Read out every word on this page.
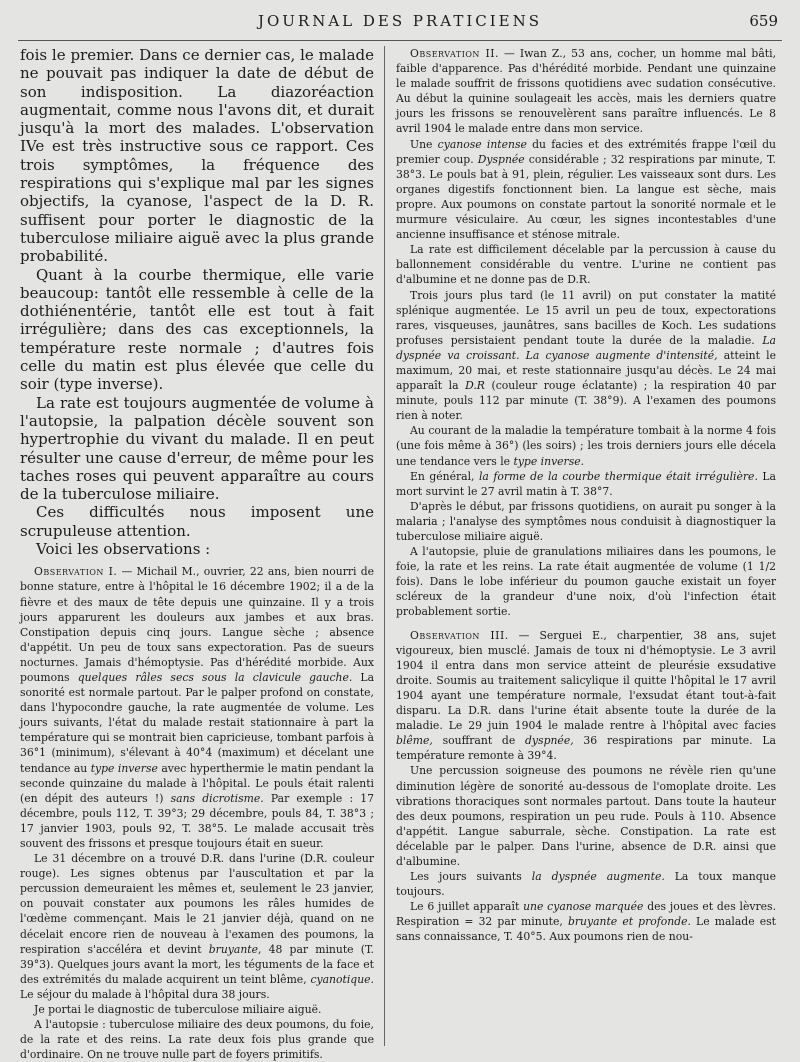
JOURNAL DES PRATICIENS	659

fois le premier. Dans ce dernier cas, le malade ne pouvait pas indiquer la date de début de son indisposition. La diazoréaction augmentait, comme nous l'avons dit, et durait jusqu'à la mort des malades. L'observation IVe est très instructive sous ce rapport. Ces trois symptômes, la fréquence des respirations qui s'explique mal par les signes objectifs, la cyanose, l'aspect de la D. R. suffisent pour porter le diagnostic de la tuberculose miliaire aiguë avec la plus grande probabilité.

Quant à la courbe thermique, elle varie beaucoup: tantôt elle ressemble à celle de la dothiénentérie, tantôt elle est tout à fait irrégulière; dans des cas exceptionnels, la température reste normale ; d'autres fois celle du matin est plus élevée que celle du soir (type inverse).

La rate est toujours augmentée de volume à l'autopsie, la palpation décèle souvent son hypertrophie du vivant du malade. Il en peut résulter une cause d'erreur, de même pour les taches roses qui peuvent apparaître au cours de la tuberculose miliaire.

Ces difficultés nous imposent une scrupuleuse attention.

Voici les observations :

Observation I. — Michail M., ouvrier, 22 ans, bien nourri de bonne stature, entre à l'hôpital le 16 décembre 1902; il a de la fièvre et des maux de tête depuis une quinzaine. Il y a trois jours apparurent les douleurs aux jambes et aux bras. Constipation depuis cinq jours. Langue sèche ; absence d'appétit. Un peu de toux sans expectoration. Pas de sueurs nocturnes. Jamais d'hémoptysie. Pas d'hérédité morbide. Aux poumons quelques râles secs sous la clavicule gauche. La sonorité est normale partout. Par le palper profond on constate, dans l'hypocondre gauche, la rate augmentée de volume. Les jours suivants, l'état du malade restait stationnaire à part la température qui se montrait bien capricieuse, tombant parfois à 36°1 (minimum), s'élevant à 40°4 (maximum) et décelant une tendance au type inverse avec hyperthermie le matin pendant la seconde quinzaine du malade à l'hôpital. Le pouls était ralenti (en dépit des auteurs !) sans dicrotisme. Par exemple : 17 décembre, pouls 112, T. 39°3; 29 décembre, pouls 84, T. 38°3 ; 17 janvier 1903, pouls 92, T. 38°5. Le malade accusait très souvent des frissons et presque toujours était en sueur.

Le 31 décembre on a trouvé D.R. dans l'urine (D.R. couleur rouge). Les signes obtenus par l'auscultation et par la percussion demeuraient les mêmes et, seulement le 23 janvier, on pouvait constater aux poumons les râles humides de l'œdème commençant. Mais le 21 janvier déjà, quand on ne décelait encore rien de nouveau à l'examen des poumons, la respiration s'accéléra et devint bruyante, 48 par minute (T. 39°3). Quelques jours avant la mort, les téguments de la face et des extrémités du malade acquirent un teint blême, cyanotique. Le séjour du malade à l'hôpital dura 38 jours.

Je portai le diagnostic de tuberculose miliaire aiguë.

A l'autopsie : tuberculose miliaire des deux poumons, du foie, de la rate et des reins. La rate deux fois plus grande que d'ordinaire. On ne trouve nulle part de foyers primitifs.

Observation II. — Iwan Z., 53 ans, cocher, un homme mal bâti, faible d'apparence. Pas d'hérédité morbide. Pendant une quinzaine le malade souffrit de frissons quotidiens avec sudation consécutive. Au début la quinine soulageait les accès, mais les derniers quatre jours les frissons se renouvelèrent sans paraître influencés. Le 8 avril 1904 le malade entre dans mon service.

Une cyanose intense du facies et des extrémités frappe l'œil du premier coup. Dyspnée considérable ; 32 respirations par minute, T. 38°3. Le pouls bat à 91, plein, régulier. Les vaisseaux sont durs. Les organes digestifs fonctionnent bien. La langue est sèche, mais propre. Aux poumons on constate partout la sonorité normale et le murmure vésiculaire. Au cœur, les signes incontestables d'une ancienne insuffisance et sténose mitrale.

La rate est difficilement décelable par la percussion à cause du ballonnement considérable du ventre. L'urine ne contient pas d'albumine et ne donne pas de D.R.

Trois jours plus tard (le 11 avril) on put constater la matité splénique augmentée. Le 15 avril un peu de toux, expectorations rares, visqueuses, jaunâtres, sans bacilles de Koch. Les sudations profuses persistaient pendant toute la durée de la maladie. La dyspnée va croissant. La cyanose augmente d'intensité, atteint le maximum, 20 mai, et reste stationnaire jusqu'au décès. Le 24 mai apparaît la D.R (couleur rouge éclatante) ; la respiration 40 par minute, pouls 112 par minute (T. 38°9). A l'examen des poumons rien à noter.

Au courant de la maladie la température tombait à la norme 4 fois (une fois même à 36°) (les soirs) ; les trois derniers jours elle décela une tendance vers le type inverse.

En général, la forme de la courbe thermique était irrégulière. La mort survint le 27 avril matin à T. 38°7.

D'après le début, par frissons quotidiens, on aurait pu songer à la malaria ; l'analyse des symptômes nous conduisit à diagnostiquer la tuberculose miliaire aiguë.

A l'autopsie, pluie de granulations miliaires dans les poumons, le foie, la rate et les reins. La rate était augmentée de volume (1 1/2 fois). Dans le lobe inférieur du poumon gauche existait un foyer scléreux de la grandeur d'une noix, d'où l'infection était probablement sortie.

Observation III. — Serguei E., charpentier, 38 ans, sujet vigoureux, bien musclé. Jamais de toux ni d'hémoptysie. Le 3 avril 1904 il entra dans mon service atteint de pleurésie exsudative droite. Soumis au traitement salicylique il quitte l'hôpital le 17 avril 1904 ayant une température normale, l'exsudat étant tout-à-fait disparu. La D.R. dans l'urine était absente toute la durée de la maladie. Le 29 juin 1904 le malade rentre à l'hôpital avec facies blême, souffrant de dyspnée, 36 respirations par minute. La température remonte à 39°4.

Une percussion soigneuse des poumons ne révèle rien qu'une diminution légère de sonorité au-dessous de l'omoplate droite. Les vibrations thoraciques sont normales partout. Dans toute la hauteur des deux poumons, respiration un peu rude. Pouls à 110. Absence d'appétit. Langue saburrale, sèche. Constipation. La rate est décelable par le palper. Dans l'urine, absence de D.R. ainsi que d'albumine.

Les jours suivants la dyspnée augmente. La toux manque toujours.

Le 6 juillet apparaît une cyanose marquée des joues et des lèvres. Respiration = 32 par minute, bruyante et profonde. Le malade est sans connaissance, T. 40°5. Aux poumons rien de nou-
